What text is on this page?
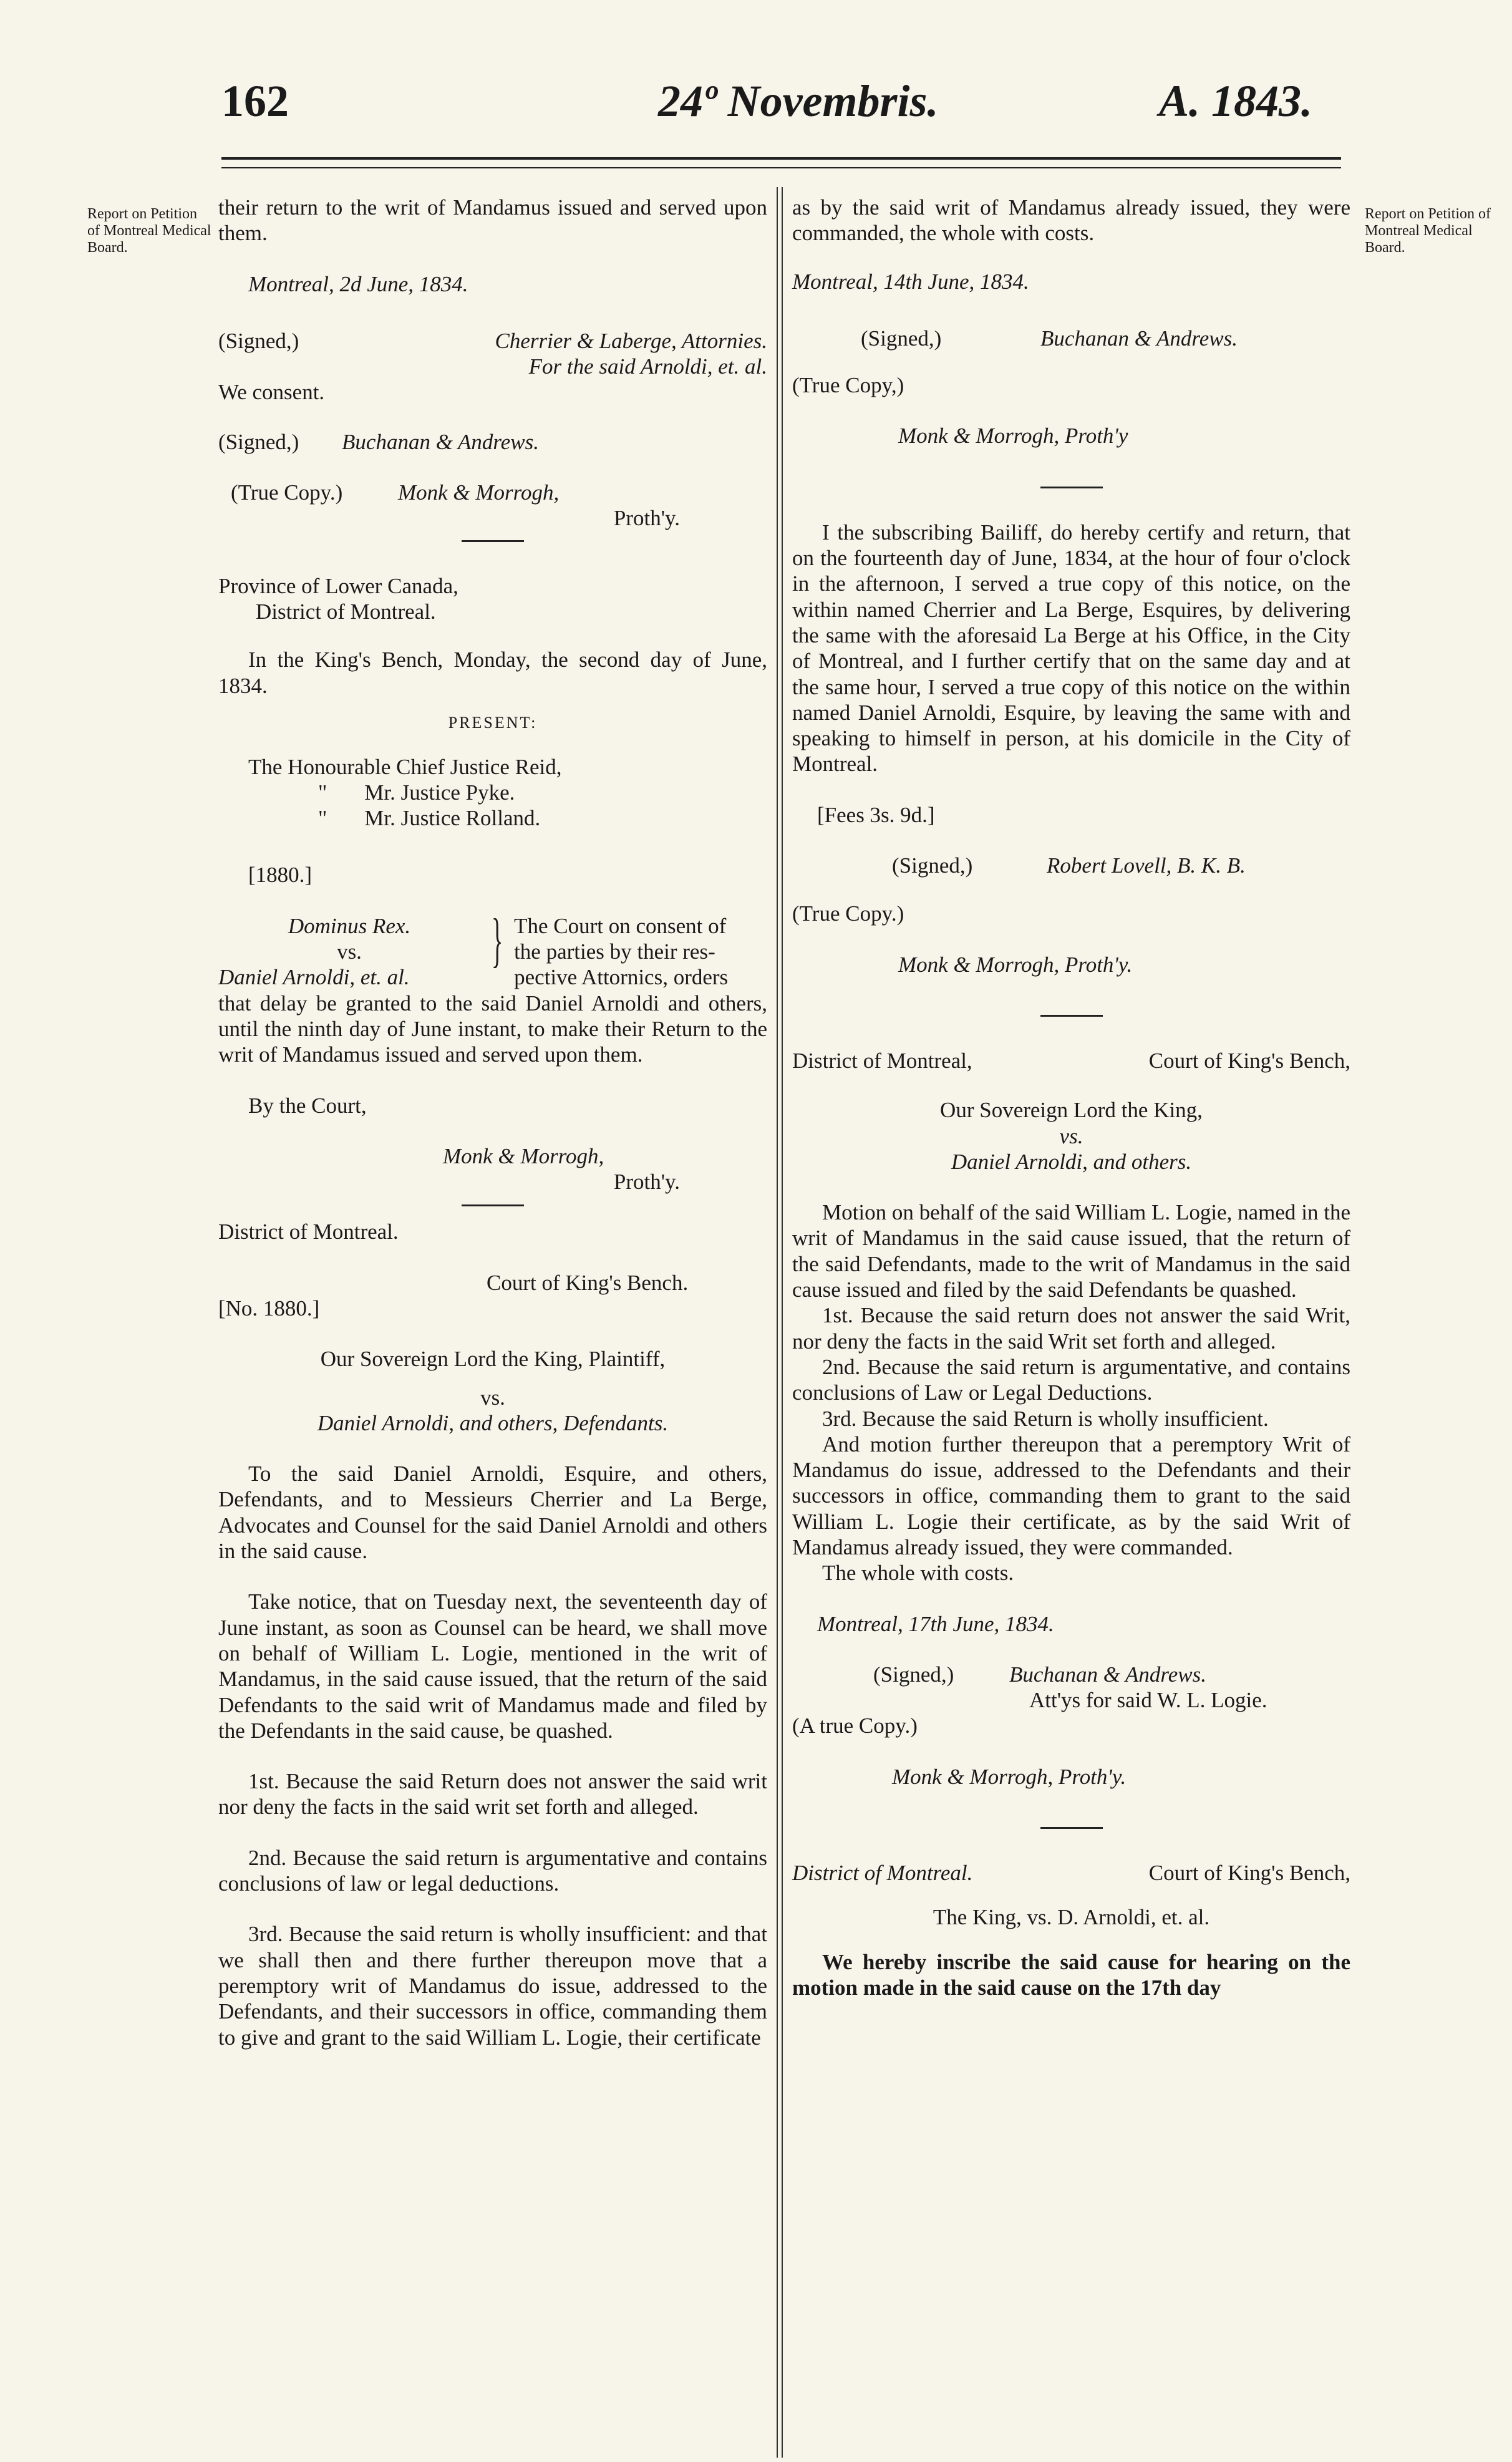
162	24º Novembris.	A. 1843.
Report on Petition of Montreal Medical Board.
Report on Petition of Montreal Medical Board.

their return to the writ of Mandamus issued and served upon them.

Montreal, 2d June, 1834.

(Signed,)	Cherrier & Laberge, Attornies.

For the said Arnoldi, et. al.

We consent.

(Signed,) Buchanan & Andrews.
(True Copy.)	Monk & Morrogh,

Proth'y.

Province of Lower Canada,

District of Montreal.

In the King's Bench, Monday, the second day of June, 1834.

PRESENT:

The Honourable Chief Justice Reid,

" Mr. Justice Pyke.

" Mr. Justice Rolland.

[1880.]

Dominus Rex.

vs.

Daniel Arnoldi, et. al.

} The Court on consent of

the parties by their res-

pective Attornics, orders

that delay be granted to the said Daniel Arnoldi and others, until the ninth day of June instant, to make their Return to the writ of Mandamus issued and served upon them.

By the Court,

Monk & Morrogh,

Proth'y.

District of Montreal.

Court of King's Bench.

[No. 1880.]

Our Sovereign Lord the King, Plaintiff,

vs.

Daniel Arnoldi, and others, Defendants.

To the said Daniel Arnoldi, Esquire, and others, Defendants, and to Messieurs Cherrier and La Berge, Advocates and Counsel for the said Daniel Arnoldi and others in the said cause.

Take notice, that on Tuesday next, the seventeenth day of June instant, as soon as Counsel can be heard, we shall move on behalf of William L. Logie, mentioned in the writ of Mandamus, in the said cause issued, that the return of the said Defendants to the said writ of Mandamus made and filed by the Defendants in the said cause, be quashed.

1st. Because the said Return does not answer the said writ nor deny the facts in the said writ set forth and alleged.

2nd. Because the said return is argumentative and contains conclusions of law or legal deductions.

3rd. Because the said return is wholly insufficient: and that we shall then and there further thereupon move that a peremptory writ of Mandamus do issue, addressed to the Defendants, and their successors in office, commanding them to give and grant to the said William L. Logie, their certificate

as by the said writ of Mandamus already issued, they were commanded, the whole with costs.

Montreal, 14th June, 1834.

(Signed,)	Buchanan & Andrews.

(True Copy,)

Monk & Morrogh, Proth'y

I the subscribing Bailiff, do hereby certify and return, that on the fourteenth day of June, 1834, at the hour of four o'clock in the afternoon, I served a true copy of this notice, on the within named Cherrier and La Berge, Esquires, by delivering the same with the aforesaid La Berge at his Office, in the City of Montreal, and I further certify that on the same day and at the same hour, I served a true copy of this notice on the within named Daniel Arnoldi, Esquire, by leaving the same with and speaking to himself in person, at his domicile in the City of Montreal.

[Fees 3s. 9d.]

(Signed,)	Robert Lovell, B. K. B.

(True Copy.)

Monk & Morrogh, Proth'y.

District of Montreal,	Court of King's Bench,

Our Sovereign Lord the King,

vs.

Daniel Arnoldi, and others.

Motion on behalf of the said William L. Logie, named in the writ of Mandamus in the said cause issued, that the return of the said Defendants, made to the writ of Mandamus in the said cause issued and filed by the said Defendants be quashed.

1st. Because the said return does not answer the said Writ, nor deny the facts in the said Writ set forth and alleged.

2nd. Because the said return is argumentative, and contains conclusions of Law or Legal Deductions.

3rd. Because the said Return is wholly insufficient.

And motion further thereupon that a peremptory Writ of Mandamus do issue, addressed to the Defendants and their successors in office, commanding them to grant to the said William L. Logie their certificate, as by the said Writ of Mandamus already issued, they were commanded.

The whole with costs.

Montreal, 17th June, 1834.

(Signed,)	Buchanan & Andrews.

Att'ys for said W. L. Logie.

(A true Copy.)

Monk & Morrogh, Proth'y.

District of Montreal.	Court of King's Bench,

The King, vs. D. Arnoldi, et. al.

We hereby inscribe the said cause for hearing on the motion made in the said cause on the 17th day
